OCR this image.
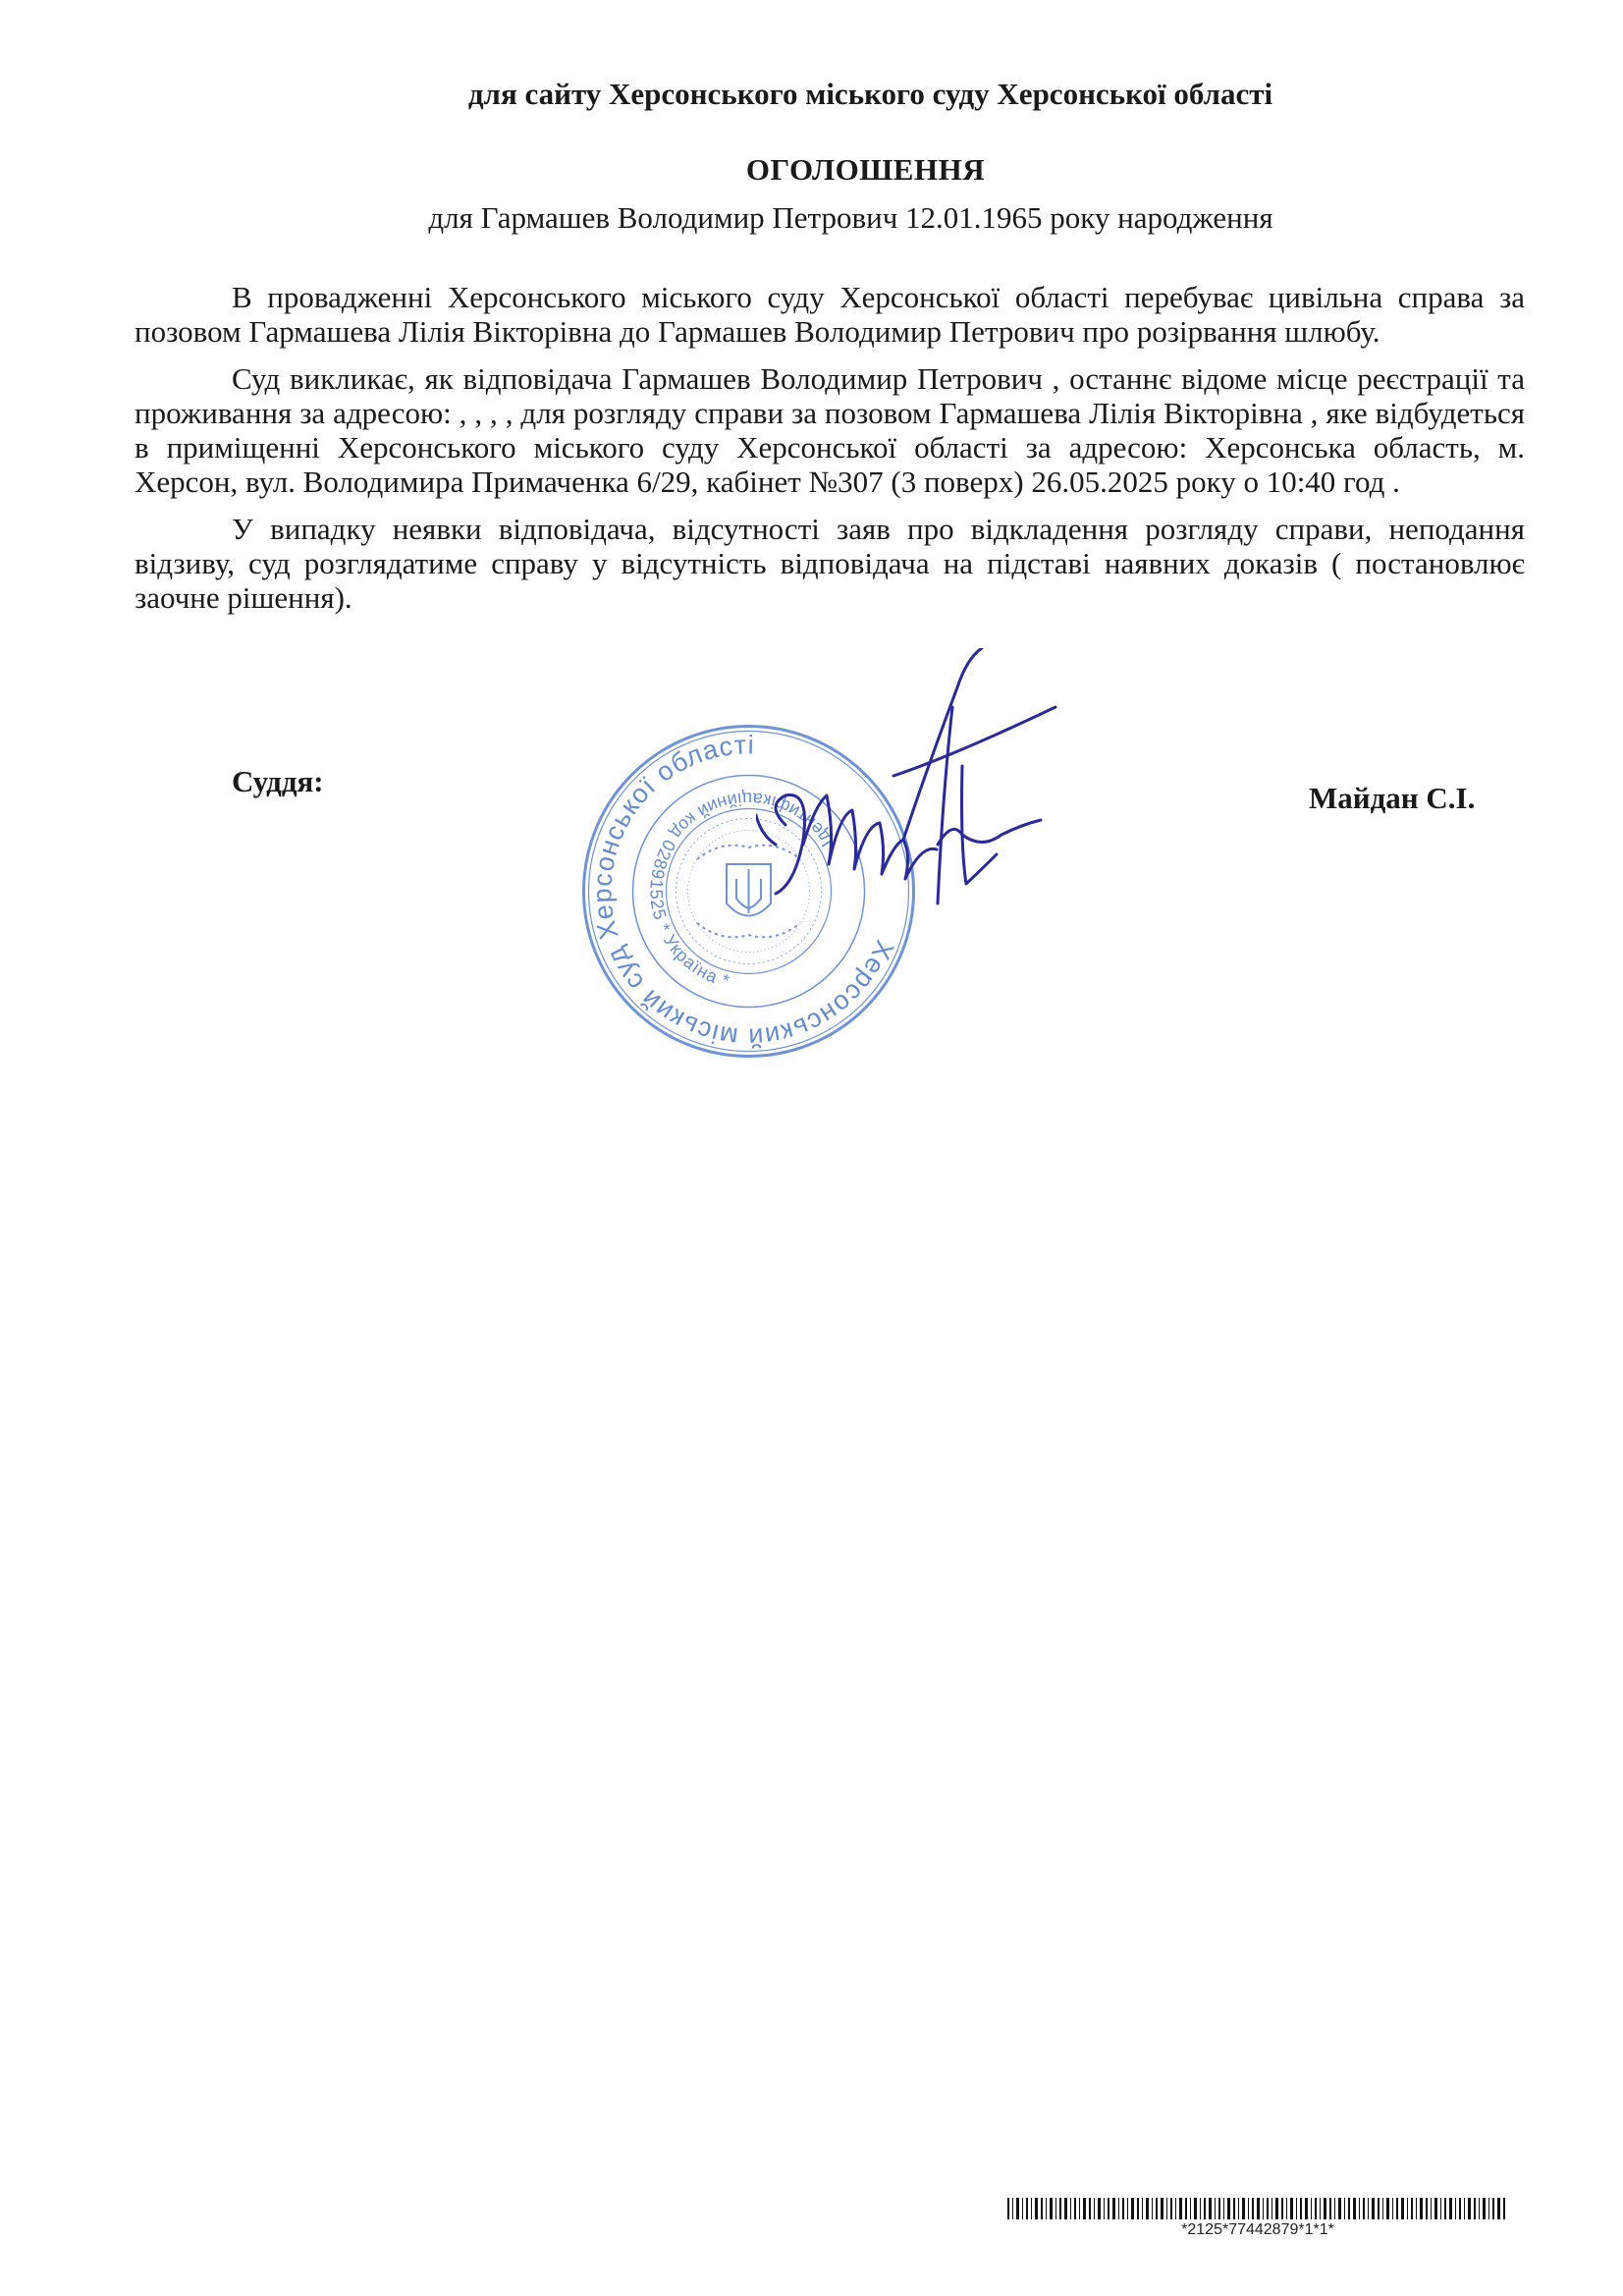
для сайту Херсонського міського суду Херсонської області
ОГОЛОШЕННЯ
для Гармашев Володимир Петрович 12.01.1965 року народження

В провадженні Херсонського міського суду Херсонської області перебуває цивільна справа за позовом Гармашева Лілія Вікторівна до Гармашев Володимир Петрович про розірвання шлюбу.

Суд викликає, як відповідача Гармашев Володимир Петрович , останнє відоме місце реєстрації та проживання за адресою: , , , , для розгляду справи за позовом Гармашева Лілія Вікторівна , яке відбудеться в приміщенні Херсонського міського суду Херсонської області за адресою: Херсонська область, м. Херсон, вул. Володимира Примаченка 6/29, кабінет №307 (3 поверх) 26.05.2025 року о 10:40 год .

У випадку неявки відповідача, відсутності заяв про відкладення розгляду справи, неподання відзиву, суд розглядатиме справу у відсутність відповідача на підставі наявних доказів ( постановлює заочне рішення).

Суддя:	Майдан С.І.
Херсонський міський суд Херсонської області
Ідентифікаційний код 02891525 * Україна *
*2125*77442879*1*1*
